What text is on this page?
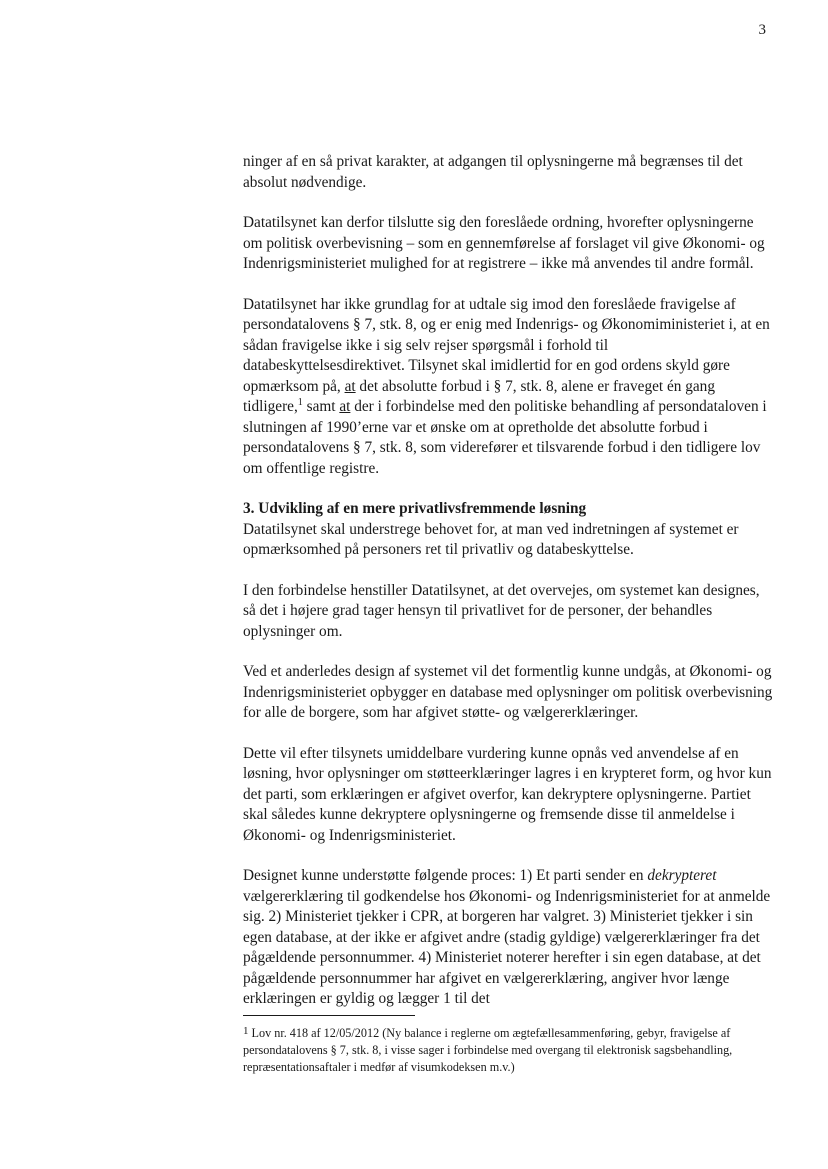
3

ninger af en så privat karakter, at adgangen til oplysningerne må begrænses til det absolut nødvendige.

Datatilsynet kan derfor tilslutte sig den foreslåede ordning, hvorefter oplysningerne om politisk overbevisning – som en gennemførelse af forslaget vil give Økonomi- og Indenrigsministeriet mulighed for at registrere – ikke må anvendes til andre formål.

Datatilsynet har ikke grundlag for at udtale sig imod den foreslåede fravigelse af persondatalovens § 7, stk. 8, og er enig med Indenrigs- og Økonomiministeriet i, at en sådan fravigelse ikke i sig selv rejser spørgsmål i forhold til databeskyttelsesdirektivet. Tilsynet skal imidlertid for en god ordens skyld gøre opmærksom på, at det absolutte forbud i § 7, stk. 8, alene er fraveget én gang tidligere,$^1$ samt at der i forbindelse med den politiske behandling af persondataloven i slutningen af 1990’erne var et ønske om at opretholde det absolutte forbud i persondatalovens § 7, stk. 8, som viderefører et tilsvarende forbud i den tidligere lov om offentlige registre.

3. Udvikling af en mere privatlivsfremmende løsning

Datatilsynet skal understrege behovet for, at man ved indretningen af systemet er opmærksomhed på personers ret til privatliv og databeskyttelse.

I den forbindelse henstiller Datatilsynet, at det overvejes, om systemet kan designes, så det i højere grad tager hensyn til privatlivet for de personer, der behandles oplysninger om.

Ved et anderledes design af systemet vil det formentlig kunne undgås, at Økonomi- og Indenrigsministeriet opbygger en database med oplysninger om politisk overbevisning for alle de borgere, som har afgivet støtte- og vælgererklæringer.

Dette vil efter tilsynets umiddelbare vurdering kunne opnås ved anvendelse af en løsning, hvor oplysninger om støtteerklæringer lagres i en krypteret form, og hvor kun det parti, som erklæringen er afgivet overfor, kan dekryptere oplysningerne. Partiet skal således kunne dekryptere oplysningerne og fremsende disse til anmeldelse i Økonomi- og Indenrigsministeriet.

Designet kunne understøtte følgende proces: 1) Et parti sender en dekrypteret vælgererklæring til godkendelse hos Økonomi- og Indenrigsministeriet for at anmelde sig. 2) Ministeriet tjekker i CPR, at borgeren har valgret. 3) Ministeriet tjekker i sin egen database, at der ikke er afgivet andre (stadig gyldige) vælgererklæringer fra det pågældende personnummer. 4) Ministeriet noterer herefter i sin egen database, at det pågældende personnummer har afgivet en vælgererklæring, angiver hvor længe erklæringen er gyldig og lægger 1 til det

$^1$ Lov nr. 418 af 12/05/2012 (Ny balance i reglerne om ægtefællesammenføring, gebyr, fravigelse af persondatalovens § 7, stk. 8, i visse sager i forbindelse med overgang til elektronisk sagsbehandling, repræsentationsaftaler i medfør af visumkodeksen m.v.)
